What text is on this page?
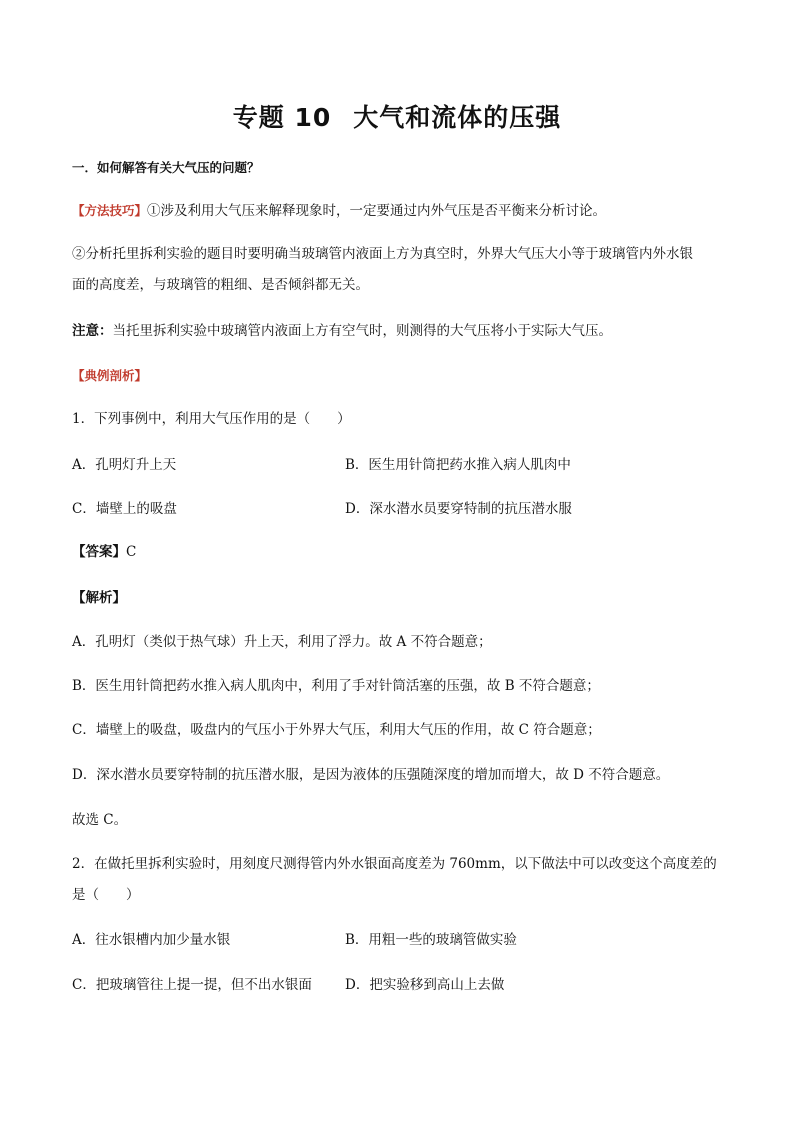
专题 10 大气和流体的压强
一．如何解答有关大气压的问题？
【方法技巧】①涉及利用大气压来解释现象时，一定要通过内外气压是否平衡来分析讨论。
②分析托里拆利实验的题目时要明确当玻璃管内液面上方为真空时，外界大气压大小等于玻璃管内外水银
面的高度差，与玻璃管的粗细、是否倾斜都无关。
注意：当托里拆利实验中玻璃管内液面上方有空气时，则测得的大气压将小于实际大气压。
【典例剖析】
1．下列事例中，利用大气压作用的是（　　）
A．孔明灯升上天	B．医生用针筒把药水推入病人肌肉中
C．墙壁上的吸盘	D．深水潜水员要穿特制的抗压潜水服
【答案】C
【解析】
A．孔明灯（类似于热气球）升上天，利用了浮力。故 A 不符合题意；
B．医生用针筒把药水推入病人肌肉中，利用了手对针筒活塞的压强，故 B 不符合题意；
C．墙壁上的吸盘，吸盘内的气压小于外界大气压，利用大气压的作用，故 C 符合题意；
D．深水潜水员要穿特制的抗压潜水服，是因为液体的压强随深度的增加而增大，故 D 不符合题意。
故选 C。
2．在做托里拆利实验时，用刻度尺测得管内外水银面高度差为 760mm，以下做法中可以改变这个高度差的
是（　　）
A．往水银槽内加少量水银	B．用粗一些的玻璃管做实验
C．把玻璃管往上提一提，但不出水银面 D．把实验移到高山上去做
